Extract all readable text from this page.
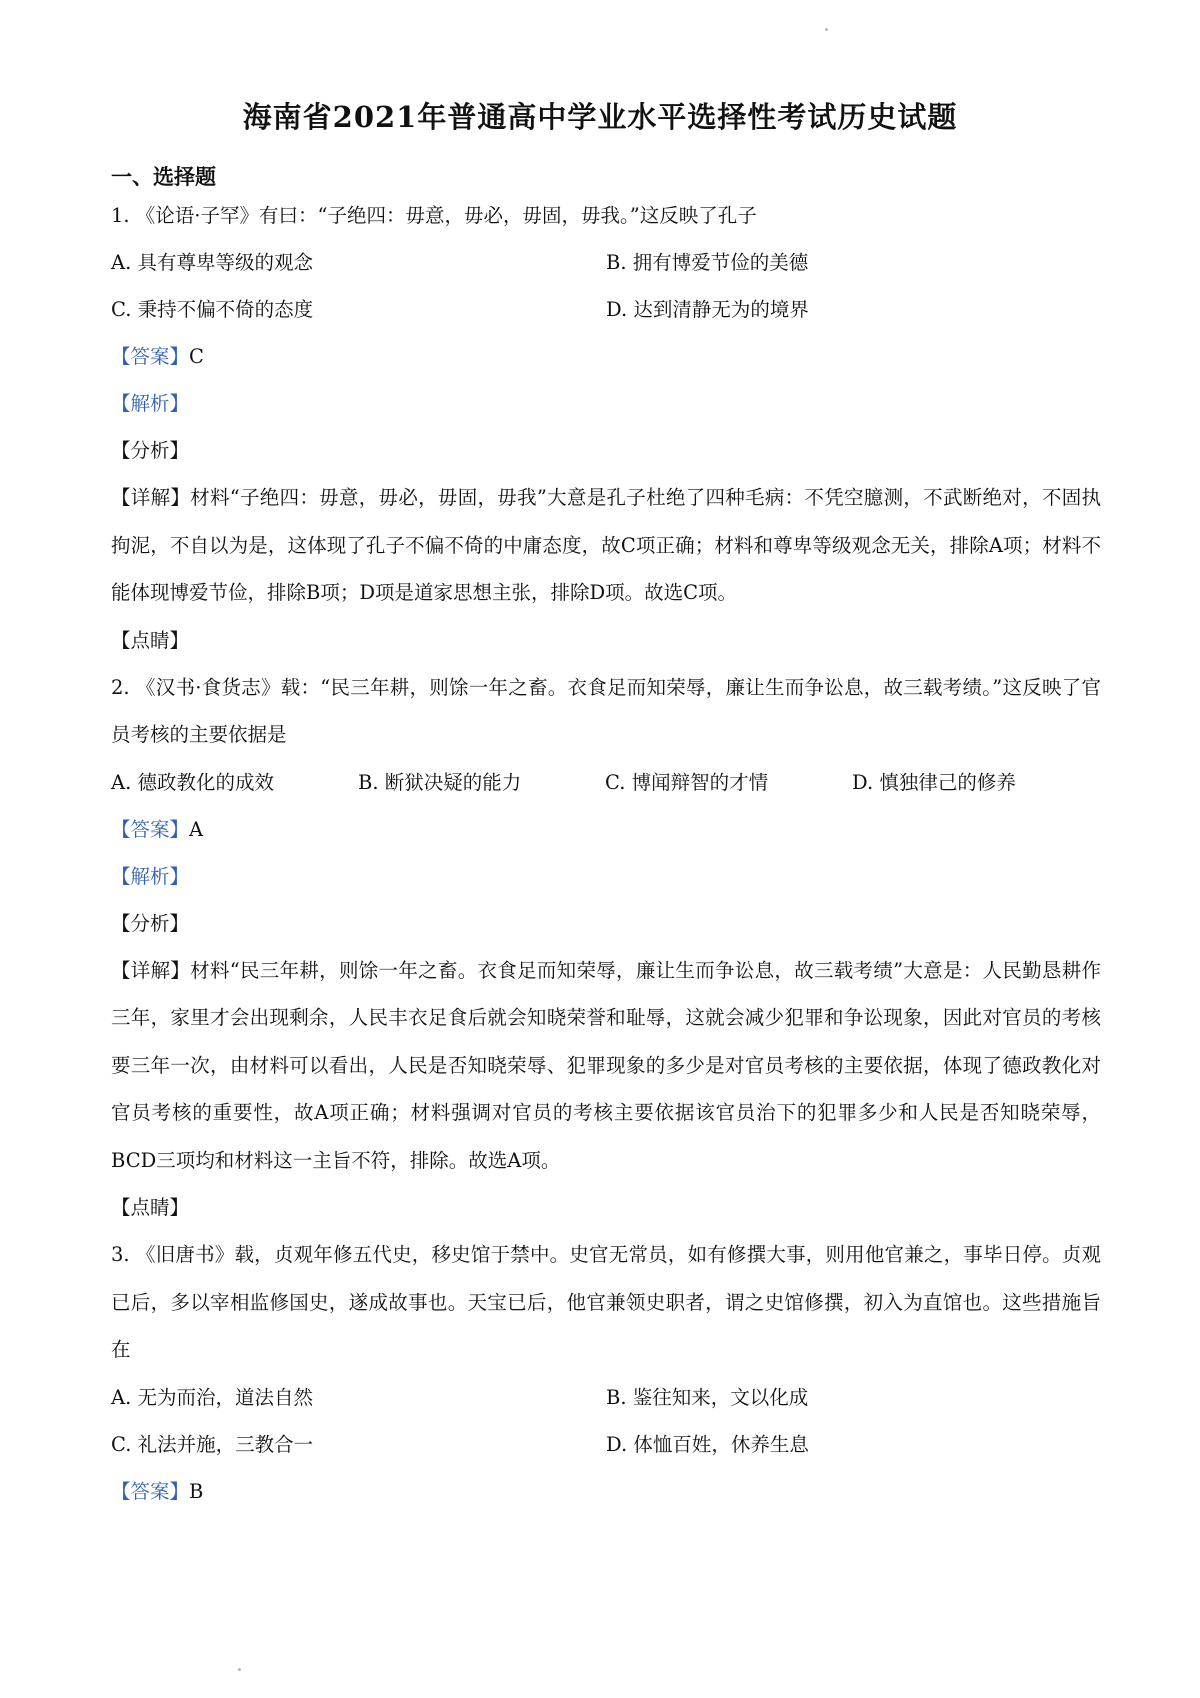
海南省2021年普通高中学业水平选择性考试历史试题
一、选择题
1. 《论语·子罕》有曰：“子绝四：毋意，毋必，毋固，毋我。”这反映了孔子
A. 具有尊卑等级的观念	B. 拥有博爱节俭的美德
C. 秉持不偏不倚的态度	D. 达到清静无为的境界
【答案】C
【解析】
【分析】
【详解】材料“子绝四：毋意，毋必，毋固，毋我”大意是孔子杜绝了四种毛病：不凭空臆测，不武断绝对，不固执拘泥，不自以为是，这体现了孔子不偏不倚的中庸态度，故C项正确；材料和尊卑等级观念无关，排除A项；材料不能体现博爱节俭，排除B项；D项是道家思想主张，排除D项。故选C项。
【点睛】
2. 《汉书·食货志》载：“民三年耕，则馀一年之畜。衣食足而知荣辱，廉让生而争讼息，故三载考绩。”这反映了官员考核的主要依据是
A. 德政教化的成效	B. 断狱决疑的能力	C. 博闻辩智的才情	D. 慎独律己的修养
【答案】A
【解析】
【分析】
【详解】材料“民三年耕，则馀一年之畜。衣食足而知荣辱，廉让生而争讼息，故三载考绩”大意是：人民勤恳耕作三年，家里才会出现剩余，人民丰衣足食后就会知晓荣誉和耻辱，这就会减少犯罪和争讼现象，因此对官员的考核要三年一次，由材料可以看出，人民是否知晓荣辱、犯罪现象的多少是对官员考核的主要依据，体现了德政教化对官员考核的重要性，故A项正确；材料强调对官员的考核主要依据该官员治下的犯罪多少和人民是否知晓荣辱，BCD三项均和材料这一主旨不符，排除。故选A项。
【点睛】
3. 《旧唐书》载，贞观年修五代史，移史馆于禁中。史官无常员，如有修撰大事，则用他官兼之，事毕日停。贞观已后，多以宰相监修国史，遂成故事也。天宝已后，他官兼领史职者，谓之史馆修撰，初入为直馆也。这些措施旨在
A. 无为而治，道法自然	B. 鉴往知来，文以化成
C. 礼法并施，三教合一	D. 体恤百姓，休养生息
【答案】B
